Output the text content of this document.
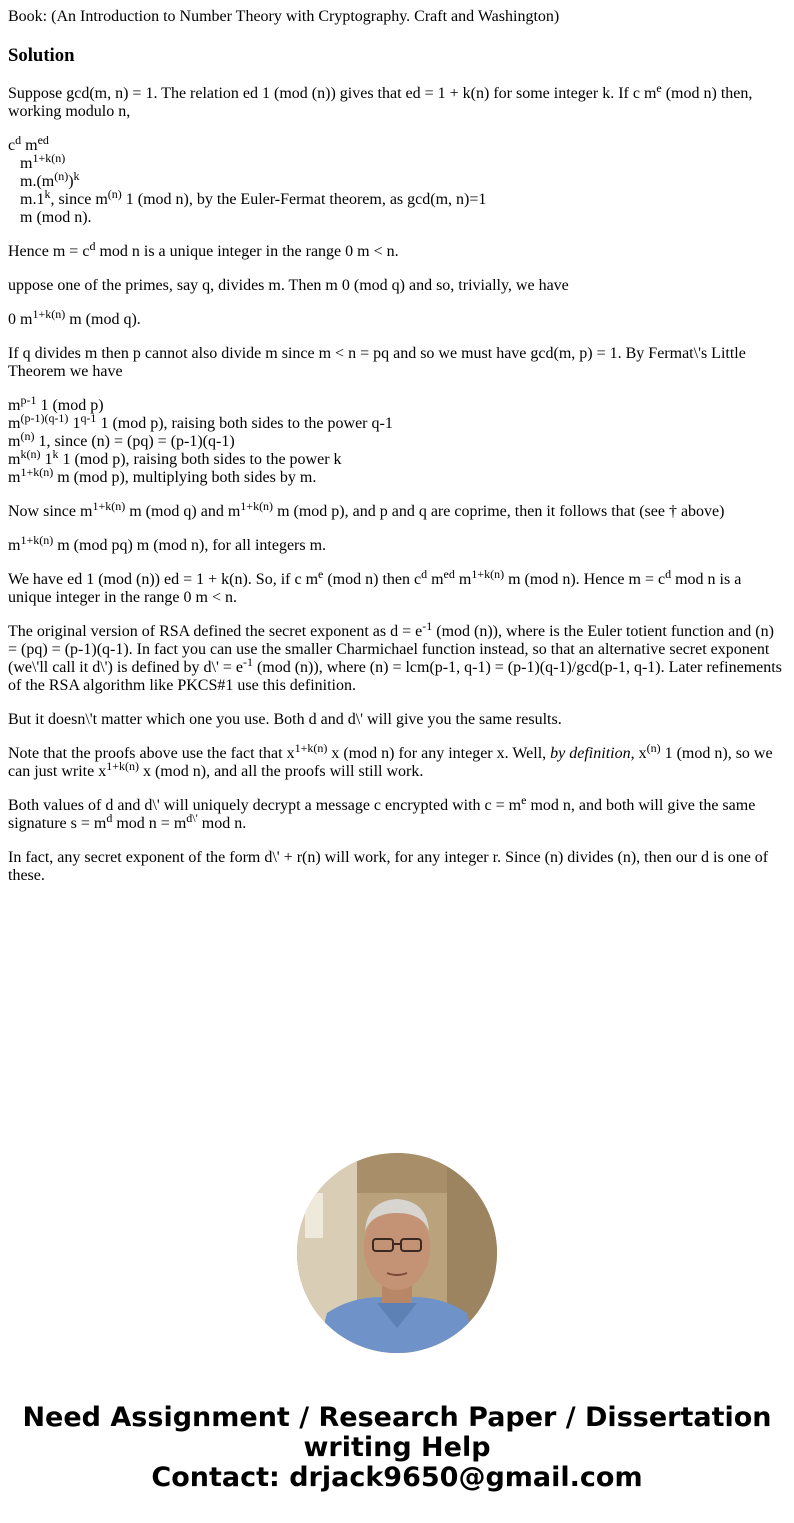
Book: (An Introduction to Number Theory with Cryptography. Craft and Washington)
Solution

Suppose gcd(m, n) = 1. The relation ed 1 (mod (n)) gives that ed = 1 + k(n) for some integer k. If c $m^e$ (mod n) then, working modulo n,

$c^d$ $m^{ed}$
$m^{1+k(n)}$
$m.(m^{(n)})^k$
m.1$^k$, since $m^{(n)}$ 1 (mod n), by the Euler-Fermat theorem, as gcd(m, n)=1
m (mod n).

Hence $m = c^d$ mod n is a unique integer in the range 0 m < n.

uppose one of the primes, say q, divides m. Then m 0 (mod q) and so, trivially, we have

0 $m^{1+k(n)}$ m (mod q).

If q divides m then p cannot also divide m since m < n = pq and so we must have gcd(m, p) = 1. By Fermat\'s Little Theorem we have

$m^{p-1}$ 1 (mod p)
$m^{(p-1)(q-1)}$ 1$^{q-1}$ 1 (mod p), raising both sides to the power q-1
$m^{(n)}$ 1, since (n) = (pq) = (p-1)(q-1)
$m^{k(n)}$ 1$^k$ 1 (mod p), raising both sides to the power k
$m^{1+k(n)}$ m (mod p), multiplying both sides by m.

Now since $m^{1+k(n)}$ m (mod q) and $m^{1+k(n)}$ m (mod p), and p and q are coprime, then it follows that (see † above)

$m^{1+k(n)}$ m (mod pq) m (mod n), for all integers m.

We have ed 1 (mod (n)) ed = 1 + k(n). So, if c $m^e$ (mod n) then $c^d$ $m^{ed}$ $m^{1+k(n)}$ m (mod n). Hence $m = c^d$ mod n is a unique integer in the range 0 m < n.

The original version of RSA defined the secret exponent as $d = e^{-1}$ (mod (n)), where is the Euler totient function and (n) = (pq) = (p-1)(q-1). In fact you can use the smaller Charmichael function instead, so that an alternative secret exponent (we\'ll call it d\') is defined by d\' = $e^{-1}$ (mod (n)), where (n) = lcm(p-1, q-1) = (p-1)(q-1)/gcd(p-1, q-1). Later refinements of the RSA algorithm like PKCS#1 use this definition.

But it doesn\'t matter which one you use. Both d and d\' will give you the same results.

Note that the proofs above use the fact that $x^{1+k(n)}$ x (mod n) for any integer x. Well, by definition, $x^{(n)}$ 1 (mod n), so we can just write $x^{1+k(n)}$ x (mod n), and all the proofs will still work.

Both values of d and d\' will uniquely decrypt a message c encrypted with $c = m^e$ mod n, and both will give the same signature $s = m^d$ mod $n = m^{d\backslash'}$ mod n.

In fact, any secret exponent of the form d\' + r(n) will work, for any integer r. Since (n) divides (n), then our d is one of these.

Need Assignment / Research Paper / Dissertation
writing Help
Contact: drjack9650@gmail.com
